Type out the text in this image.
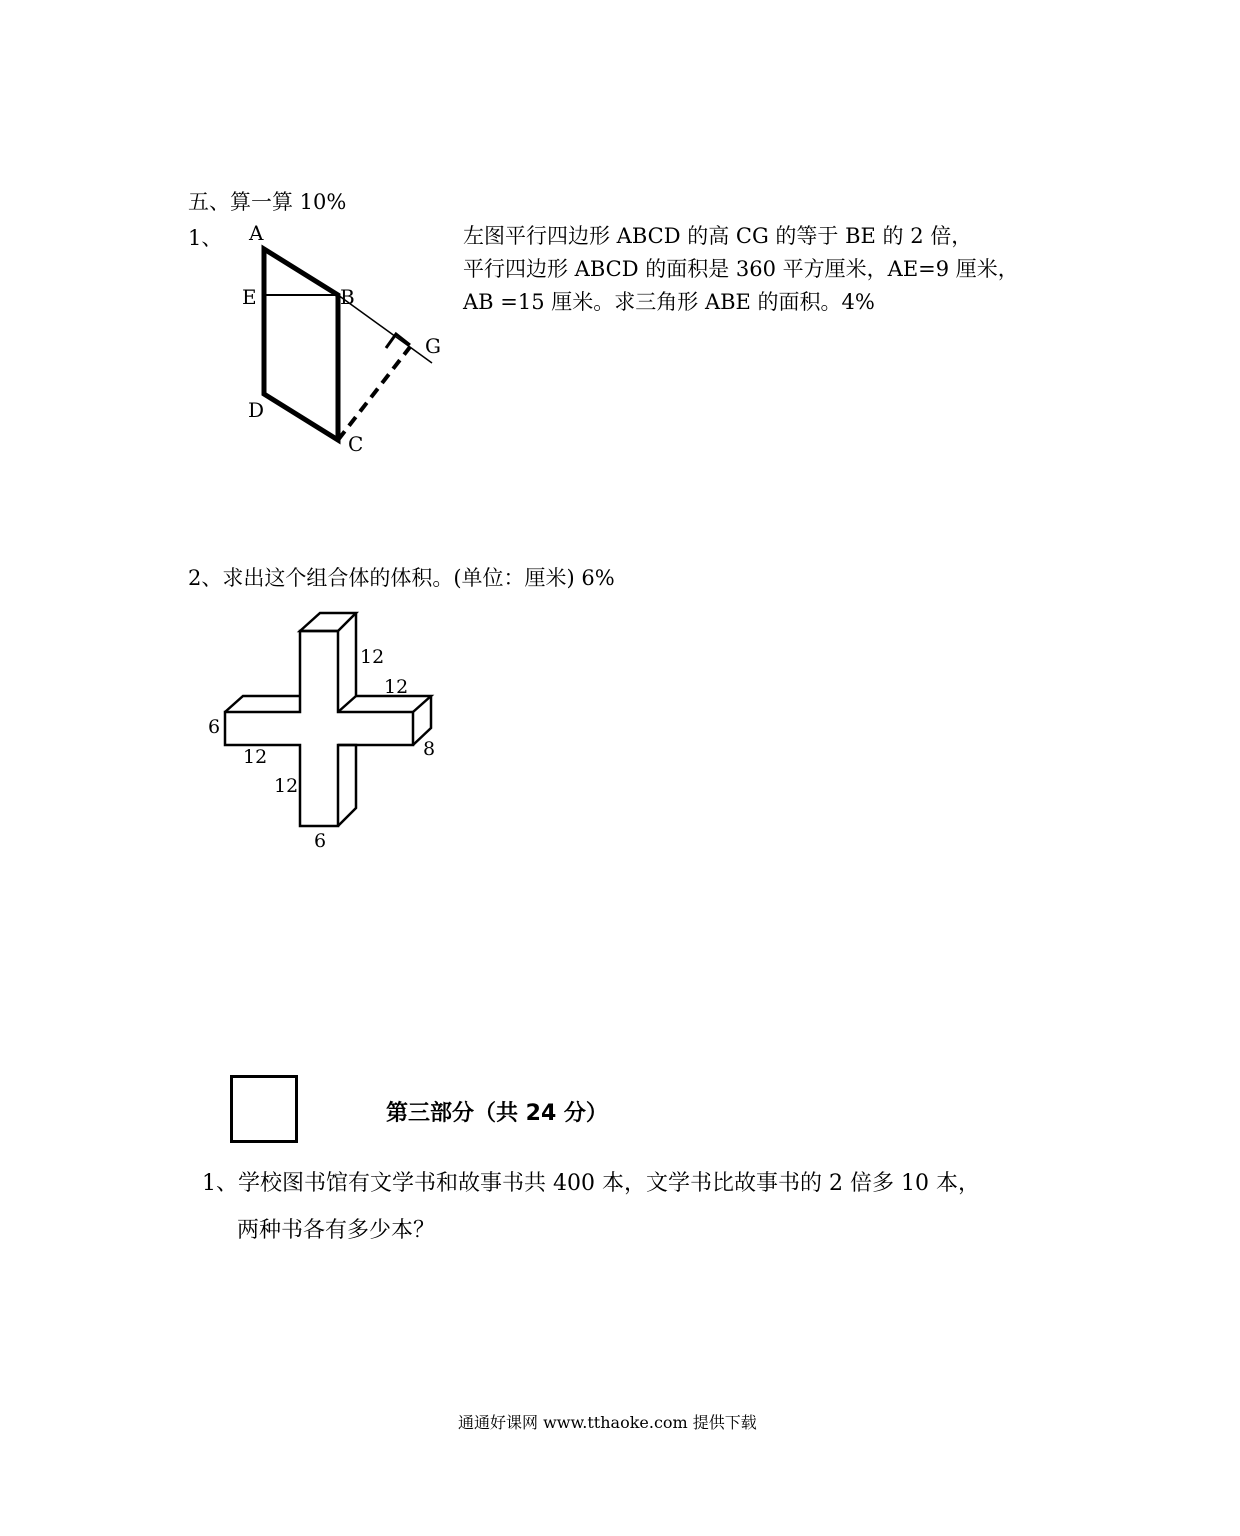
五、算一算 10%
1、 A
E	B
G
D
C
左图平行四边形 ABCD 的高 CG 的等于 BE 的 2 倍，
平行四边形 ABCD 的面积是 360 平方厘米，AE=9 厘米，
AB =15 厘米。求三角形 ABE 的面积。4%
2、求出这个组合体的体积。(单位：厘米) 6%
12
12
6
12	8
12
6
第三部分（共 24 分）
1、学校图书馆有文学书和故事书共 400 本，文学书比故事书的 2 倍多 10 本，
两种书各有多少本？
通通好课网 www.tthaoke.com 提供下载
